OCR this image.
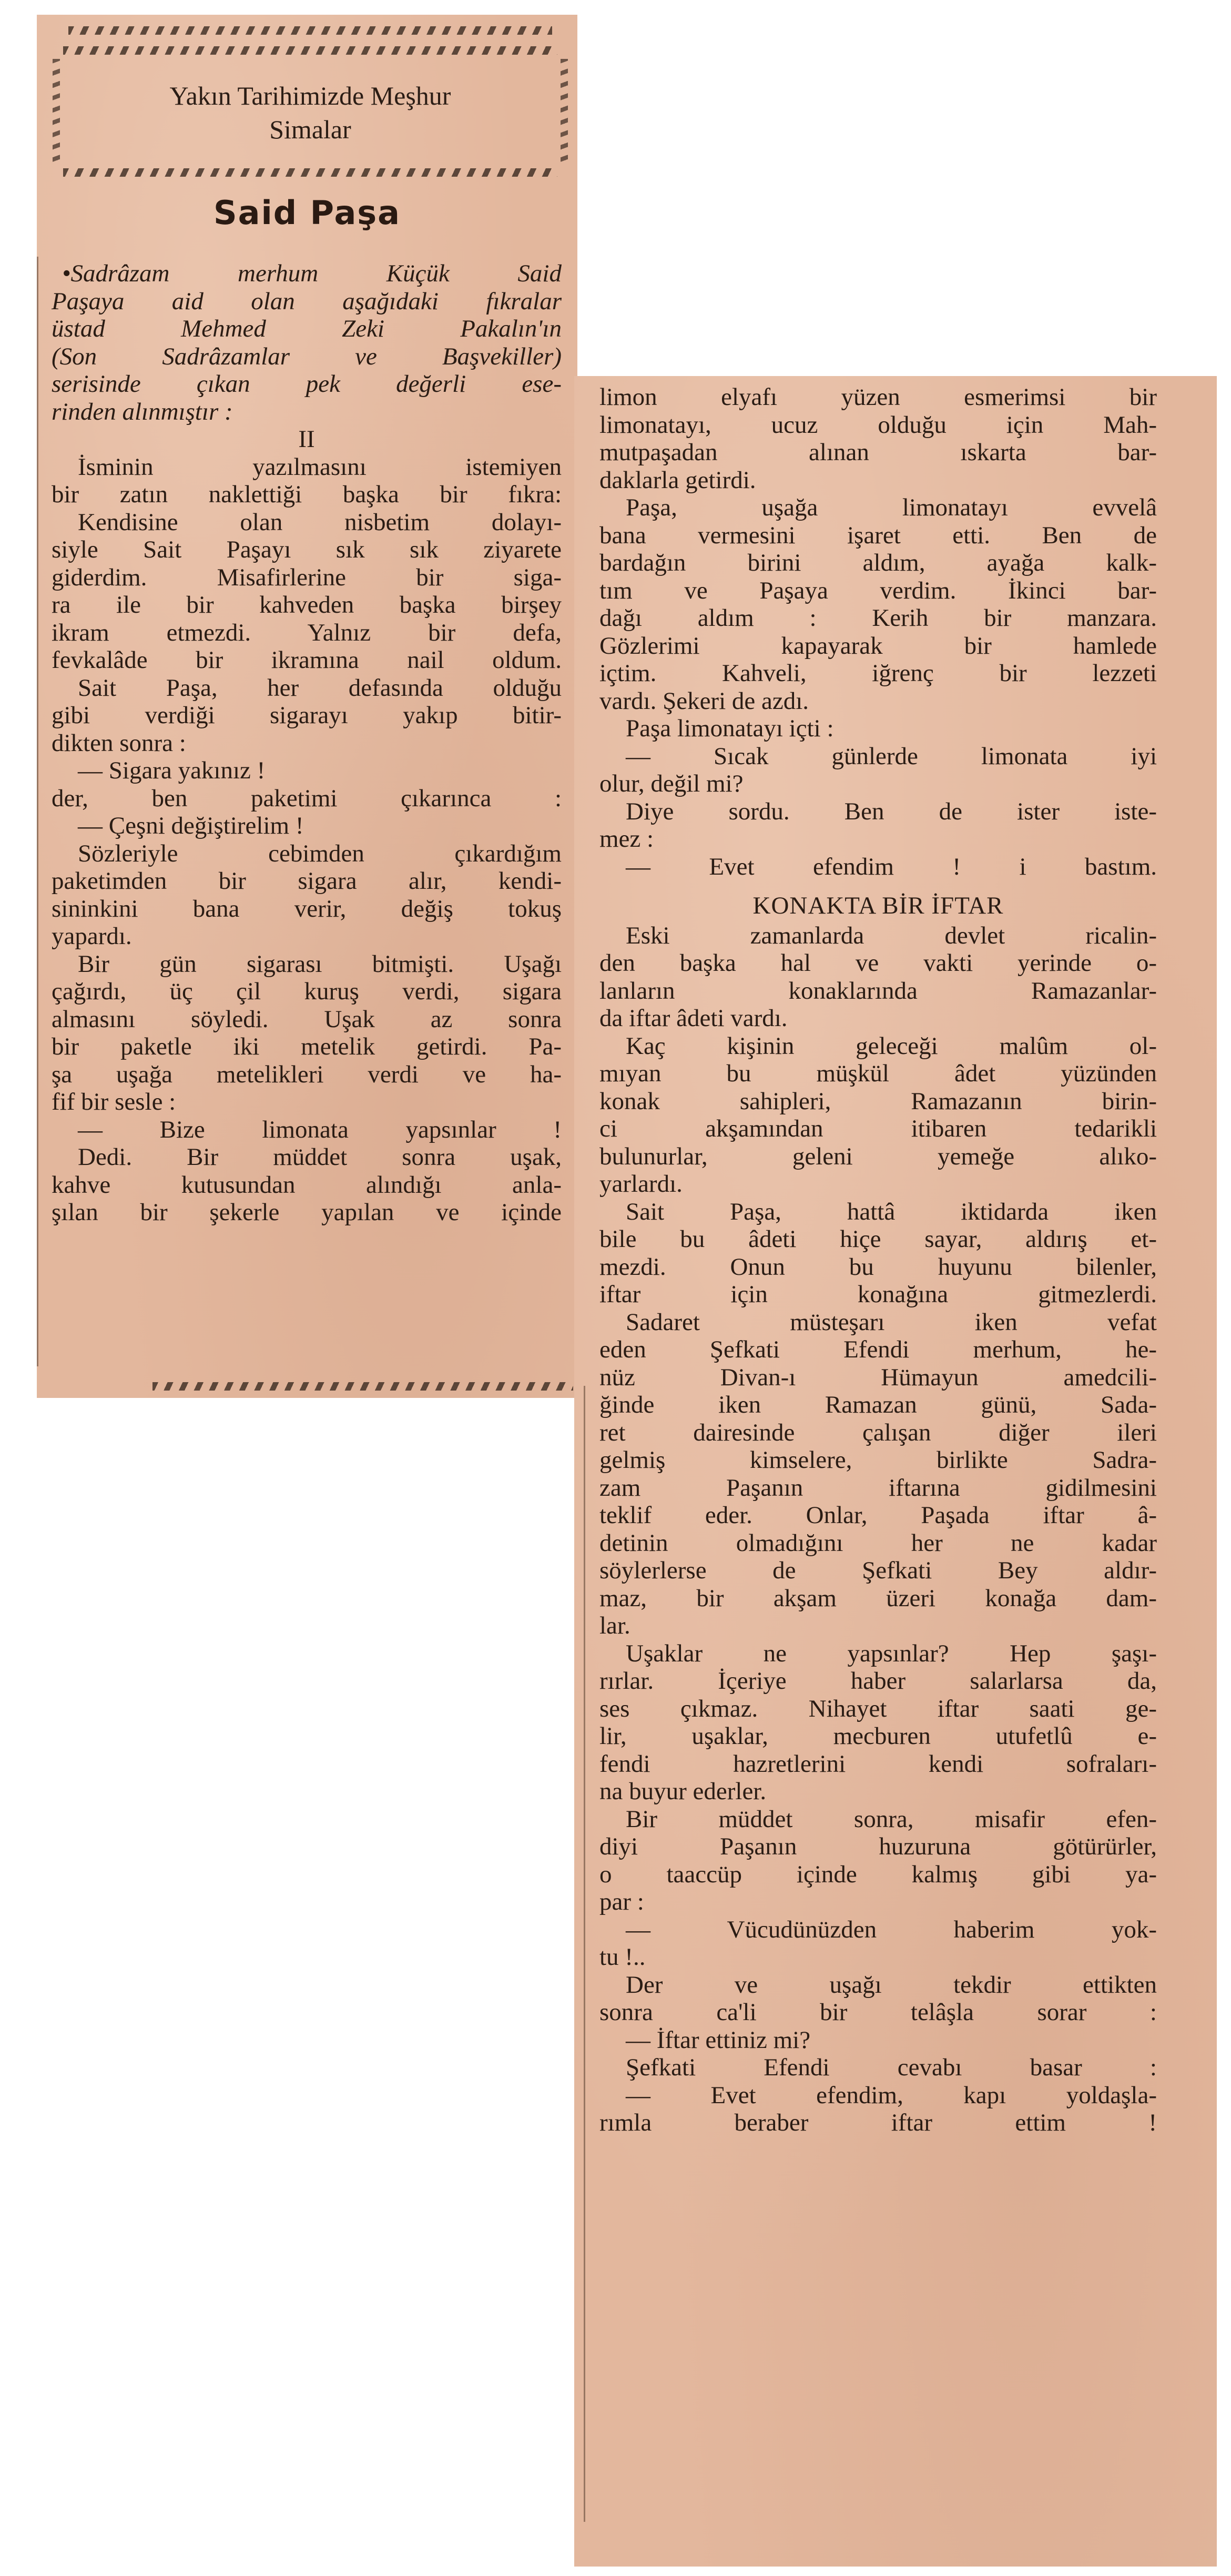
Yakın Tarihimizde Meşhur
Simalar
Said Paşa

•Sadrâzam merhum Küçük Said

Paşaya aid olan aşağıdaki fıkralar

üstad Mehmed Zeki Pakalın'ın

(Son Sadrâzamlar ve Başvekiller)

serisinde çıkan pek değerli ese-

rinden alınmıştır :

II

İsminin yazılmasını istemiyen

bir zatın naklettiği başka bir fıkra:

Kendisine olan nisbetim dolayı-

siyle Sait Paşayı sık sık ziyarete

giderdim. Misafirlerine bir siga-

ra ile bir kahveden başka birşey

ikram etmezdi. Yalnız bir defa,

fevkalâde bir ikramına nail oldum.

Sait Paşa, her defasında olduğu

gibi verdiği sigarayı yakıp bitir-

dikten sonra :

— Sigara yakınız !

der, ben paketimi çıkarınca :

— Çeşni değiştirelim !

Sözleriyle cebimden çıkardığım

paketimden bir sigara alır, kendi-

sininkini bana verir, değiş tokuş

yapardı.

Bir gün sigarası bitmişti. Uşağı

çağırdı, üç çil kuruş verdi, sigara

almasını söyledi. Uşak az sonra

bir paketle iki metelik getirdi. Pa-

şa uşağa metelikleri verdi ve ha-

fif bir sesle :

— Bize limonata yapsınlar !

Dedi. Bir müddet sonra uşak,

kahve kutusundan alındığı anla-

şılan bir şekerle yapılan ve içinde

limon elyafı yüzen esmerimsi bir

limonatayı, ucuz olduğu için Mah-

mutpaşadan alınan ıskarta bar-

daklarla getirdi.

Paşa, uşağa limonatayı evvelâ

bana vermesini işaret etti. Ben de

bardağın birini aldım, ayağa kalk-

tım ve Paşaya verdim. İkinci bar-

dağı aldım : Kerih bir manzara.

Gözlerimi kapayarak bir hamlede

içtim. Kahveli, iğrenç bir lezzeti

vardı. Şekeri de azdı.

Paşa limonatayı içti :

— Sıcak günlerde limonata iyi

olur, değil mi?

Diye sordu. Ben de ister iste-

mez :

— Evet efendim ! i bastım.

KONAKTA BİR İFTAR

Eski zamanlarda devlet ricalin-

den başka hal ve vakti yerinde o-

lanların konaklarında Ramazanlar-

da iftar âdeti vardı.

Kaç kişinin geleceği malûm ol-

mıyan bu müşkül âdet yüzünden

konak sahipleri, Ramazanın birin-

ci akşamından itibaren tedarikli

bulunurlar, geleni yemeğe alıko-

yarlardı.

Sait Paşa, hattâ iktidarda iken

bile bu âdeti hiçe sayar, aldırış et-

mezdi. Onun bu huyunu bilenler,

iftar için konağına gitmezlerdi.

Sadaret müsteşarı iken vefat

eden Şefkati Efendi merhum, he-

nüz Divan-ı Hümayun amedcili-

ğinde iken Ramazan günü, Sada-

ret dairesinde çalışan diğer ileri

gelmiş kimselere, birlikte Sadra-

zam Paşanın iftarına gidilmesini

teklif eder. Onlar, Paşada iftar â-

detinin olmadığını her ne kadar

söylerlerse de Şefkati Bey aldır-

maz, bir akşam üzeri konağa dam-

lar.

Uşaklar ne yapsınlar? Hep şaşı-

rırlar. İçeriye haber salarlarsa da,

ses çıkmaz. Nihayet iftar saati ge-

lir, uşaklar, mecburen utufetlû e-

fendi hazretlerini kendi sofraları-

na buyur ederler.

Bir müddet sonra, misafir efen-

diyi Paşanın huzuruna götürürler,

o taaccüp içinde kalmış gibi ya-

par :

— Vücudünüzden haberim yok-

tu !..

Der ve uşağı tekdir ettikten

sonra ca'li bir telâşla sorar :

— İftar ettiniz mi?

Şefkati Efendi cevabı basar :

— Evet efendim, kapı yoldaşla-

rımla beraber iftar ettim !
